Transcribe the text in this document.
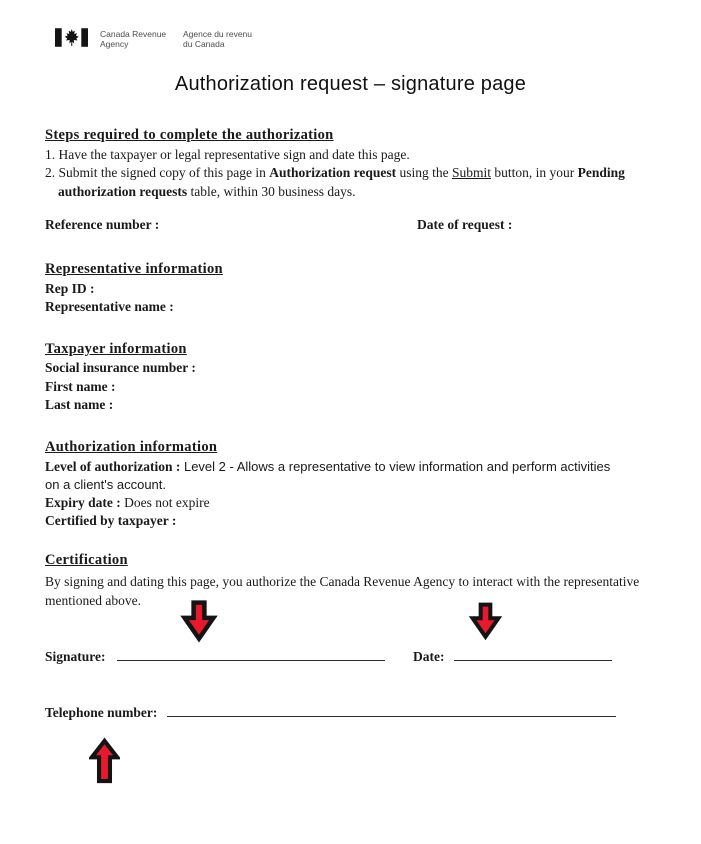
Canada Revenue
Agency
Agence du revenu
du Canada
Authorization request – signature page
Steps required to complete the authorization
1. Have the taxpayer or legal representative sign and date this page.
2. Submit the signed copy of this page in Authorization request using the Submit button, in your Pending
authorization requests table, within 30 business days.
Reference number :	Date of request :
Representative information
Rep ID :
Representative name :
Taxpayer information
Social insurance number :
First name :
Last name :
Authorization information
Level of authorization : Level 2 - Allows a representative to view information and perform activities
on a client's account.
Expiry date : Does not expire
Certified by taxpayer :
Certification
By signing and dating this page, you authorize the Canada Revenue Agency to interact with the representative
mentioned above.
Signature:	Date:
Telephone number:
